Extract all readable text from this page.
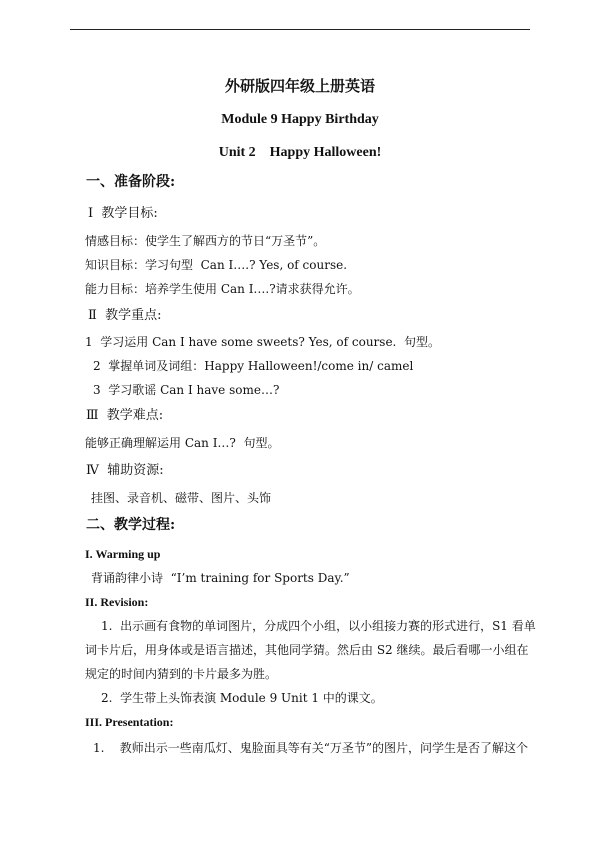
外研版四年级上册英语
Module 9 Happy Birthday
Unit 2    Happy Halloween!
一、准备阶段:
Ⅰ  教学目标:
情感目标：使学生了解西方的节日“万圣节”。
知识目标：学习句型  Can I….? Yes, of course.
能力目标：培养学生使用 Can I….?请求获得允许。
Ⅱ  教学重点:
1  学习运用 Can I have some sweets? Yes, of course.  句型。
2  掌握单词及词组：Happy Halloween!/come in/ camel
3  学习歌谣 Can I have some…?
Ⅲ  教学难点:
能够正确理解运用 Can I…?  句型。
Ⅳ  辅助资源:
挂图、录音机、磁带、图片、头饰
二、教学过程:
I. Warming up
背诵韵律小诗  “I’m training for Sports Day.”
II. Revision:
1.  出示画有食物的单词图片，分成四个小组，以小组接力赛的形式进行，S1 看单
词卡片后，用身体或是语言描述，其他同学猜。然后由 S2 继续。最后看哪一小组在
规定的时间内猜到的卡片最多为胜。
2.  学生带上头饰表演 Module 9 Unit 1 中的课文。
III. Presentation:
1.    教师出示一些南瓜灯、鬼脸面具等有关“万圣节”的图片，问学生是否了解这个
